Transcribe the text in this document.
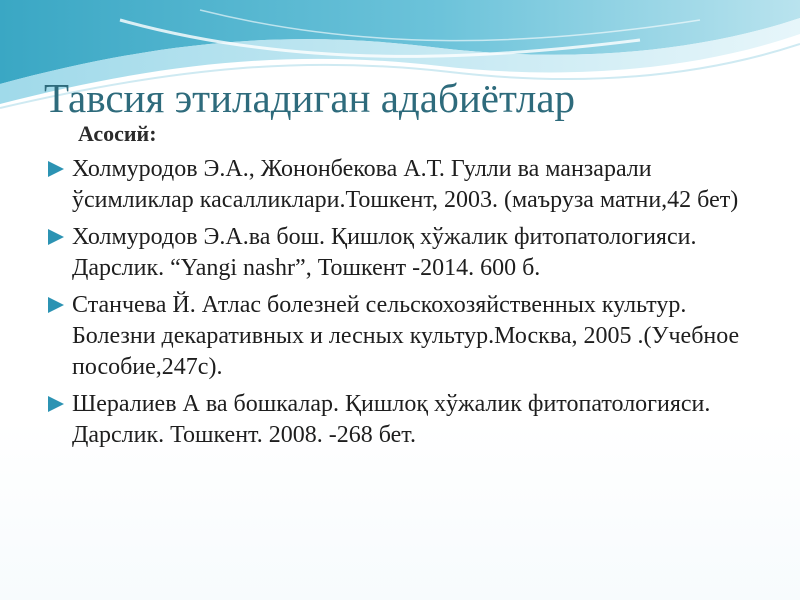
Тавсия этиладиган адабиётлар
Асосий:
Холмуродов Э.А., Жононбекова А.Т. Гулли ва манзарали ўсимликлар касалликлари.Тошкент, 2003. (маъруза матни,42 бет)
Холмуродов Э.А.ва бош. Қишлоқ хўжалик фитопатологияси. Дарслик. “Yangi nashr”, Тошкент -2014. 600 б.
Станчева Й. Атлас болезней сельскохозяйственных культур. Болезни декаративных и лесных культур.Москва, 2005 .(Учебное пособие,247с).
Шералиев А ва бошкалар. Қишлоқ хўжалик фитопатологияси. Дарслик. Тошкент. 2008. -268 бет.
